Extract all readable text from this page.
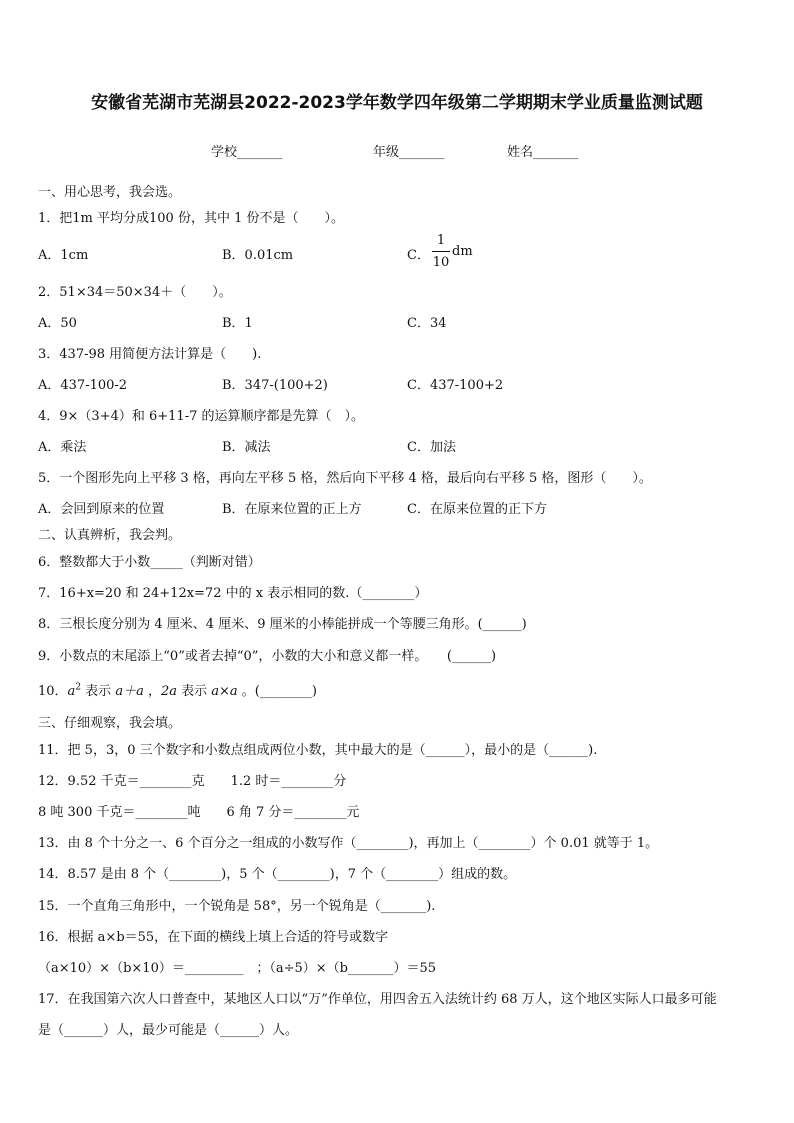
安徽省芜湖市芜湖县2022-2023学年数学四年级第二学期期末学业质量监测试题
学校_______	年级_______	姓名_______
一、用心思考，我会选。
1．把1m 平均分成100 份，其中 1 份不是（　　）。
A．1cm	B．0.01cm	C．
1
10
dm
2．51×34＝50×34＋（　　）。
A．50	B．1	C．34
3．437-98 用简便方法计算是（　　).
A．437-100-2	B．347-(100+2)	C．437-100+2
4．9×（3+4）和 6+11-7 的运算顺序都是先算（　）。
A．乘法	B．减法	C．加法
5．一个图形先向上平移 3 格，再向左平移 5 格，然后向下平移 4 格，最后向右平移 5 格，图形（　　）。
A．会回到原来的位置	B．在原来位置的正上方	C．在原来位置的正下方
二、认真辨析，我会判。
6．整数都大于小数_____（判断对错）
7．16+x=20 和 24+12x=72 中的 x 表示相同的数.（________）
8．三根长度分别为 4 厘米、4 厘米、9 厘米的小棒能拼成一个等腰三角形。(______)
9．小数点的末尾添上“0”或者去掉“0”，小数的大小和意义都一样。　　(______)
10．$a^2$ 表示 a＋a ，2a 表示 a×a 。(________)
三、仔细观察，我会填。
11．把 5，3，0 三个数字和小数点组成两位小数，其中最大的是（______），最小的是（______).
12．9.52 千克＝________克　　1.2 时＝________分
8 吨 300 千克＝________吨　　6 角 7 分＝________元
13．由 8 个十分之一、6 个百分之一组成的小数写作（________)，再加上（________）个 0.01 就等于 1。
14．8.57 是由 8 个（________)，5 个（________)，7 个（________）组成的数。
15．一个直角三角形中，一个锐角是 58°，另一个锐角是（_______).
16．根据 a×b＝55，在下面的横线上填上合适的符号或数字
（a×10）×（b×10）＝_________　；（a÷5）×（b_______）＝55
17．在我国第六次人口普查中，某地区人口以“万”作单位，用四舍五入法统计约 68 万人，这个地区实际人口最多可能
是（______）人，最少可能是（______）人。
